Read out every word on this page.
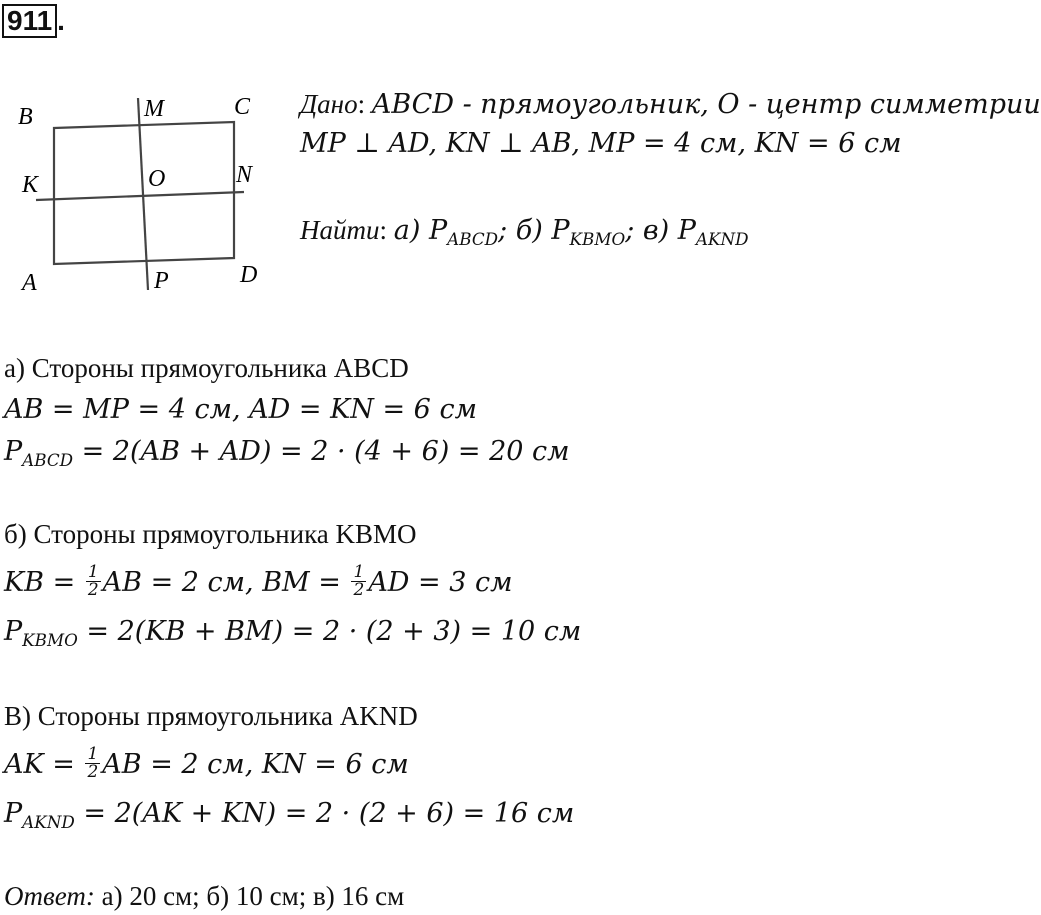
911 .
B	M	C
K	O	N
A	P	D
Дано: ABCD - прямоугольник, O - центр симметрии
MP ⊥ AD, KN ⊥ AB, MP = 4 см, KN = 6 см
Найти: а) $P_{ABCD}$; б) $P_{KBMO}$; в) $P_{AKND}$
а) Стороны прямоугольника ABCD
AB = MP = 4 см, AD = KN = 6 см
$P_{ABCD} = 2(AB + AD) = 2 \cdot (4 + 6) = 20$ см
б) Стороны прямоугольника KBMO
KB = $\frac{1}{2}$ AB = 2 см, BM = $\frac{1}{2}$ AD = 3 см
$P_{KBMO} = 2(KB + BM) = 2 \cdot (2 + 3) = 10$ см
В) Стороны прямоугольника AKND
AK = $\frac{1}{2}$ AB = 2 см, KN = 6 см
$P_{AKND} = 2(AK + KN) = 2 \cdot (2 + 6) = 16$ см
Ответ: а) 20 см; б) 10 см; в) 16 см
